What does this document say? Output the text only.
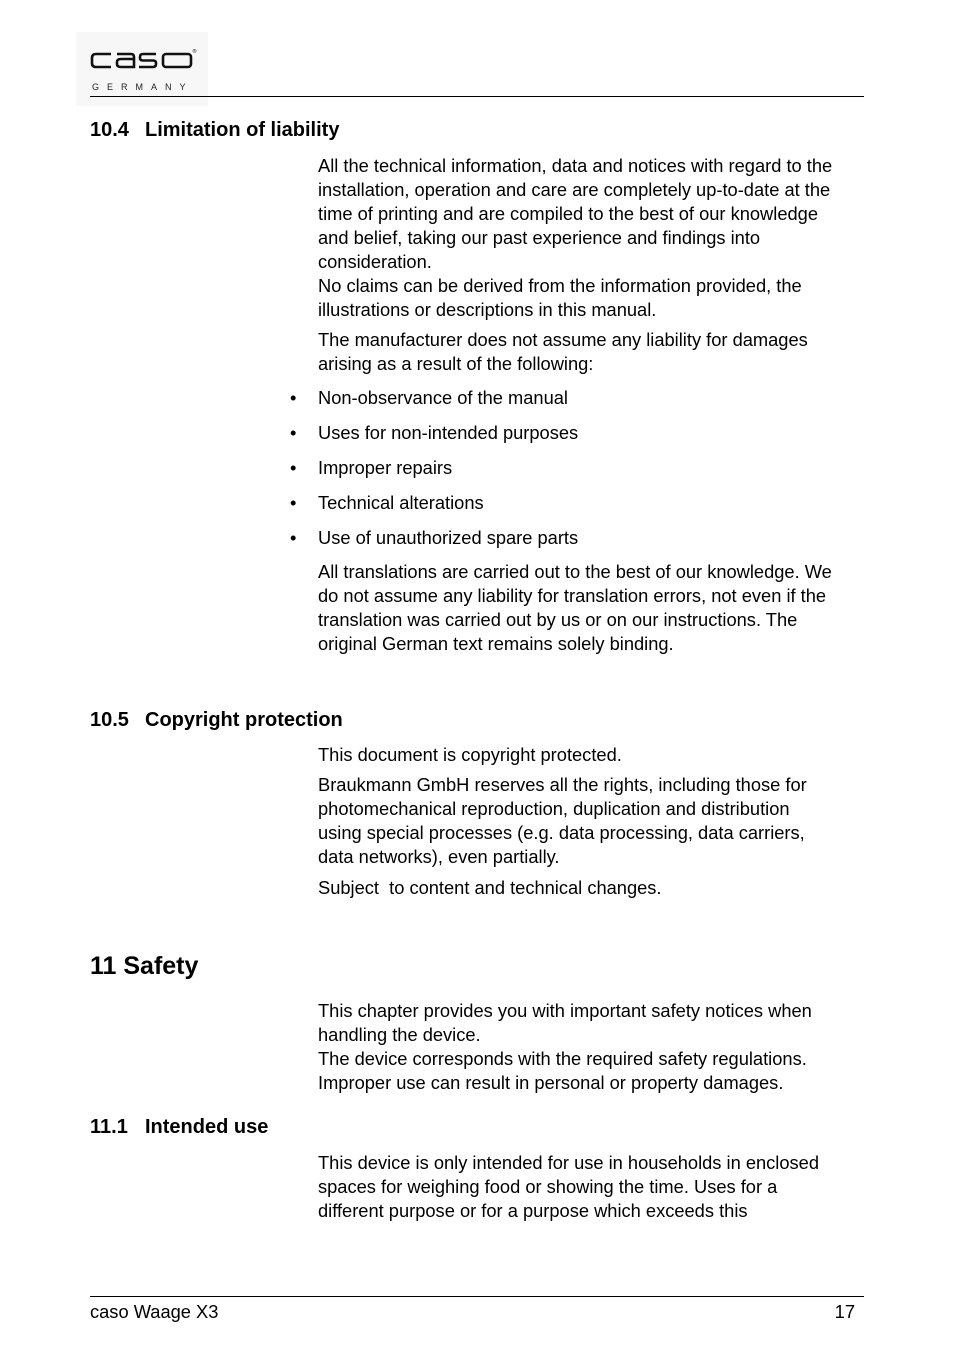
®
GERMANY
10.4 Limitation of liability
All the technical information, data and notices with regard to the
installation, operation and care are completely up-to-date at the
time of printing and are compiled to the best of our knowledge
and belief, taking our past experience and findings into
consideration.
No claims can be derived from the information provided, the
illustrations or descriptions in this manual.
The manufacturer does not assume any liability for damages
arising as a result of the following:
• Non-observance of the manual
• Uses for non-intended purposes
• Improper repairs
• Technical alterations
• Use of unauthorized spare parts
All translations are carried out to the best of our knowledge. We
do not assume any liability for translation errors, not even if the
translation was carried out by us or on our instructions. The
original German text remains solely binding.
10.5 Copyright protection
This document is copyright protected.
Braukmann GmbH reserves all the rights, including those for
photomechanical reproduction, duplication and distribution
using special processes (e.g. data processing, data carriers,
data networks), even partially.
Subject  to content and technical changes.
11 Safety
This chapter provides you with important safety notices when
handling the device.
The device corresponds with the required safety regulations.
Improper use can result in personal or property damages.
11.1 Intended use
This device is only intended for use in households in enclosed
spaces for weighing food or showing the time. Uses for a
different purpose or for a purpose which exceeds this
caso Waage X3	17
